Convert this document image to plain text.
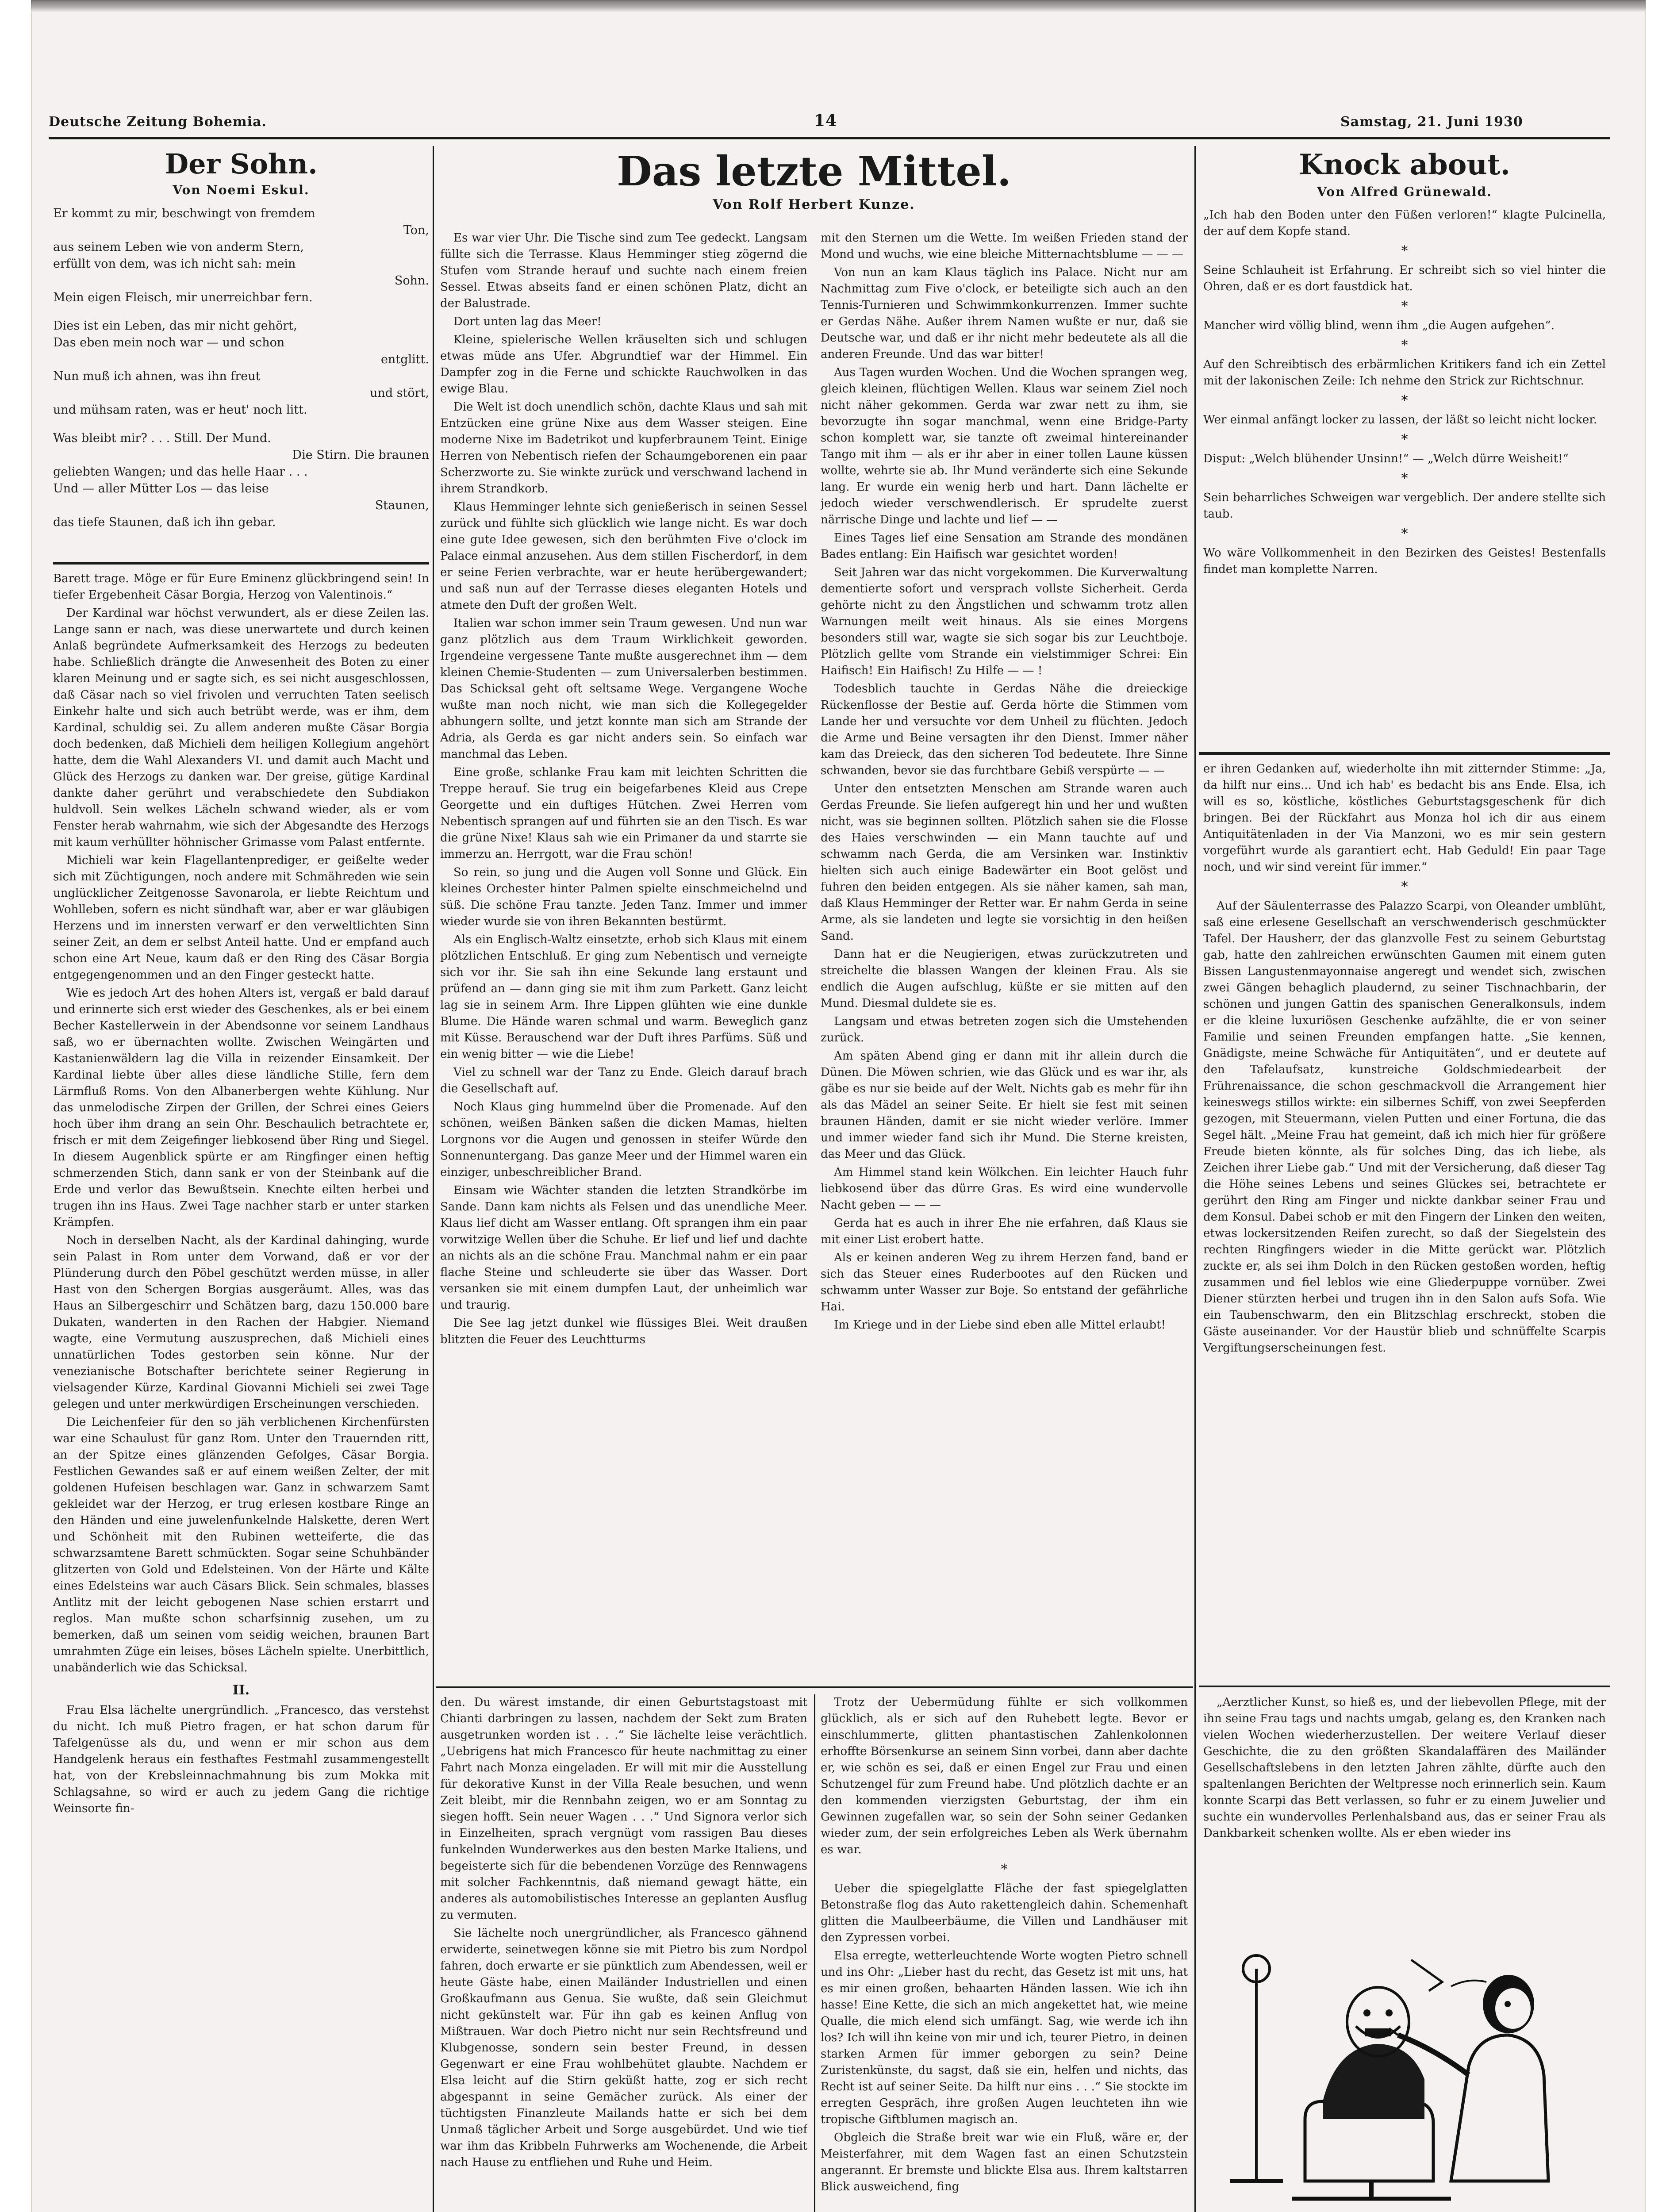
Deutsche Zeitung Bohemia.	14	Samstag, 21. Juni 1930
Der Sohn.
Von Noemi Eskul.

Er kommt zu mir, beschwingt von fremdem

Ton,

aus seinem Leben wie von anderm Stern,

erfüllt von dem, was ich nicht sah: mein

Sohn.

Mein eigen Fleisch, mir unerreichbar fern.

Dies ist ein Leben, das mir nicht gehört,

Das eben mein noch war — und schon

entglitt.

Nun muß ich ahnen, was ihn freut

und stört,

und mühsam raten, was er heut' noch litt.

Was bleibt mir? . . . Still. Der Mund.

Die Stirn. Die braunen

geliebten Wangen; und das helle Haar . . .

Und — aller Mütter Los — das leise

Staunen,

das tiefe Staunen, daß ich ihn gebar.

Barett trage. Möge er für Eure Eminenz glückbringend sein! In tiefer Ergebenheit Cäsar Borgia, Herzog von Valentinois.“

Der Kardinal war höchst verwundert, als er diese Zeilen las. Lange sann er nach, was diese unerwartete und durch keinen Anlaß begründete Aufmerksamkeit des Herzogs zu bedeuten habe. Schließlich drängte die Anwesenheit des Boten zu einer klaren Meinung und er sagte sich, es sei nicht ausgeschlossen, daß Cäsar nach so viel frivolen und verruchten Taten seelisch Einkehr halte und sich auch betrübt werde, was er ihm, dem Kardinal, schuldig sei. Zu allem anderen mußte Cäsar Borgia doch bedenken, daß Michieli dem heiligen Kollegium angehört hatte, dem die Wahl Alexanders VI. und damit auch Macht und Glück des Herzogs zu danken war. Der greise, gütige Kardinal dankte daher gerührt und verabschiedete den Subdiakon huldvoll. Sein welkes Lächeln schwand wieder, als er vom Fenster herab wahrnahm, wie sich der Abgesandte des Herzogs mit kaum verhüllter höhnischer Grimasse vom Palast entfernte.

Michieli war kein Flagellantenprediger, er geißelte weder sich mit Züchtigungen, noch andere mit Schmähreden wie sein unglücklicher Zeitgenosse Savonarola, er liebte Reichtum und Wohlleben, sofern es nicht sündhaft war, aber er war gläubigen Herzens und im innersten verwarf er den verweltlichten Sinn seiner Zeit, an dem er selbst Anteil hatte. Und er empfand auch schon eine Art Neue, kaum daß er den Ring des Cäsar Borgia entgegengenommen und an den Finger gesteckt hatte.

Wie es jedoch Art des hohen Alters ist, vergaß er bald darauf und erinnerte sich erst wieder des Geschenkes, als er bei einem Becher Kastellerwein in der Abendsonne vor seinem Landhaus saß, wo er übernachten wollte. Zwischen Weingärten und Kastanienwäldern lag die Villa in reizender Einsamkeit. Der Kardinal liebte über alles diese ländliche Stille, fern dem Lärmfluß Roms. Von den Albanerbergen wehte Kühlung. Nur das unmelodische Zirpen der Grillen, der Schrei eines Geiers hoch über ihm drang an sein Ohr. Beschaulich betrachtete er, frisch er mit dem Zeigefinger liebkosend über Ring und Siegel. In diesem Augenblick spürte er am Ringfinger einen heftig schmerzenden Stich, dann sank er von der Steinbank auf die Erde und verlor das Bewußtsein. Knechte eilten herbei und trugen ihn ins Haus. Zwei Tage nachher starb er unter starken Krämpfen.

Noch in derselben Nacht, als der Kardinal dahinging, wurde sein Palast in Rom unter dem Vorwand, daß er vor der Plünderung durch den Pöbel geschützt werden müsse, in aller Hast von den Schergen Borgias ausgeräumt. Alles, was das Haus an Silbergeschirr und Schätzen barg, dazu 150.000 bare Dukaten, wanderten in den Rachen der Habgier. Niemand wagte, eine Vermutung auszusprechen, daß Michieli eines unnatürlichen Todes gestorben sein könne. Nur der venezianische Botschafter berichtete seiner Regierung in vielsagender Kürze, Kardinal Giovanni Michieli sei zwei Tage gelegen und unter merkwürdigen Erscheinungen verschieden.

Die Leichenfeier für den so jäh verblichenen Kirchenfürsten war eine Schaulust für ganz Rom. Unter den Trauernden ritt, an der Spitze eines glänzenden Gefolges, Cäsar Borgia. Festlichen Gewandes saß er auf einem weißen Zelter, der mit goldenen Hufeisen beschlagen war. Ganz in schwarzem Samt gekleidet war der Herzog, er trug erlesen kostbare Ringe an den Händen und eine juwelenfunkelnde Halskette, deren Wert und Schönheit mit den Rubinen wetteiferte, die das schwarzsamtene Barett schmückten. Sogar seine Schuhbänder glitzerten von Gold und Edelsteinen. Von der Härte und Kälte eines Edelsteins war auch Cäsars Blick. Sein schmales, blasses Antlitz mit der leicht gebogenen Nase schien erstarrt und reglos. Man mußte schon scharfsinnig zusehen, um zu bemerken, daß um seinen vom seidig weichen, braunen Bart umrahmten Züge ein leises, böses Lächeln spielte. Unerbittlich, unabänderlich wie das Schicksal.

II.

Frau Elsa lächelte unergründlich. „Francesco, das verstehst du nicht. Ich muß Pietro fragen, er hat schon darum für Tafelgenüsse als du, und wenn er mir schon aus dem Handgelenk heraus ein festhaftes Festmahl zusammengestellt hat, von der Krebsleinnachmahnung bis zum Mokka mit Schlagsahne, so wird er auch zu jedem Gang die richtige Weinsorte fin-

Das letzte Mittel.
Von Rolf Herbert Kunze.

Es war vier Uhr. Die Tische sind zum Tee gedeckt. Langsam füllte sich die Terrasse. Klaus Hemminger stieg zögernd die Stufen vom Strande herauf und suchte nach einem freien Sessel. Etwas abseits fand er einen schönen Platz, dicht an der Balustrade.

Dort unten lag das Meer!

Kleine, spielerische Wellen kräuselten sich und schlugen etwas müde ans Ufer. Abgrundtief war der Himmel. Ein Dampfer zog in die Ferne und schickte Rauchwolken in das ewige Blau.

Die Welt ist doch unendlich schön, dachte Klaus und sah mit Entzücken eine grüne Nixe aus dem Wasser steigen. Eine moderne Nixe im Badetrikot und kupferbraunem Teint. Einige Herren von Nebentisch riefen der Schaumgeborenen ein paar Scherzworte zu. Sie winkte zurück und verschwand lachend in ihrem Strandkorb.

Klaus Hemminger lehnte sich genießerisch in seinen Sessel zurück und fühlte sich glücklich wie lange nicht. Es war doch eine gute Idee gewesen, sich den berühmten Five o'clock im Palace einmal anzusehen. Aus dem stillen Fischerdorf, in dem er seine Ferien verbrachte, war er heute herübergewandert; und saß nun auf der Terrasse dieses eleganten Hotels und atmete den Duft der großen Welt.

Italien war schon immer sein Traum gewesen. Und nun war ganz plötzlich aus dem Traum Wirklichkeit geworden. Irgendeine vergessene Tante mußte ausgerechnet ihm — dem kleinen Chemie-Studenten — zum Universalerben bestimmen. Das Schicksal geht oft seltsame Wege. Vergangene Woche wußte man noch nicht, wie man sich die Kollegegelder abhungern sollte, und jetzt konnte man sich am Strande der Adria, als Gerda es gar nicht anders sein. So einfach war manchmal das Leben.

Eine große, schlanke Frau kam mit leichten Schritten die Treppe herauf. Sie trug ein beigefarbenes Kleid aus Crepe Georgette und ein duftiges Hütchen. Zwei Herren vom Nebentisch sprangen auf und führten sie an den Tisch. Es war die grüne Nixe! Klaus sah wie ein Primaner da und starrte sie immerzu an. Herrgott, war die Frau schön!

So rein, so jung und die Augen voll Sonne und Glück. Ein kleines Orchester hinter Palmen spielte einschmeichelnd und süß. Die schöne Frau tanzte. Jeden Tanz. Immer und immer wieder wurde sie von ihren Bekannten bestürmt.

Als ein Englisch-Waltz einsetzte, erhob sich Klaus mit einem plötzlichen Entschluß. Er ging zum Nebentisch und verneigte sich vor ihr. Sie sah ihn eine Sekunde lang erstaunt und prüfend an — dann ging sie mit ihm zum Parkett. Ganz leicht lag sie in seinem Arm. Ihre Lippen glühten wie eine dunkle Blume. Die Hände waren schmal und warm. Beweglich ganz mit Küsse. Berauschend war der Duft ihres Parfüms. Süß und ein wenig bitter — wie die Liebe!

Viel zu schnell war der Tanz zu Ende. Gleich darauf brach die Gesellschaft auf.

Noch Klaus ging hummelnd über die Promenade. Auf den schönen, weißen Bänken saßen die dicken Mamas, hielten Lorgnons vor die Augen und genossen in steifer Würde den Sonnenuntergang. Das ganze Meer und der Himmel waren ein einziger, unbeschreiblicher Brand.

Einsam wie Wächter standen die letzten Strandkörbe im Sande. Dann kam nichts als Felsen und das unendliche Meer. Klaus lief dicht am Wasser entlang. Oft sprangen ihm ein paar vorwitzige Wellen über die Schuhe. Er lief und lief und dachte an nichts als an die schöne Frau. Manchmal nahm er ein paar flache Steine und schleuderte sie über das Wasser. Dort versanken sie mit einem dumpfen Laut, der unheimlich war und traurig.

Die See lag jetzt dunkel wie flüssiges Blei. Weit draußen blitzten die Feuer des Leuchtturms

mit den Sternen um die Wette. Im weißen Frieden stand der Mond und wuchs, wie eine bleiche Mitternachtsblume — — —

Von nun an kam Klaus täglich ins Palace. Nicht nur am Nachmittag zum Five o'clock, er beteiligte sich auch an den Tennis-Turnieren und Schwimmkonkurrenzen. Immer suchte er Gerdas Nähe. Außer ihrem Namen wußte er nur, daß sie Deutsche war, und daß er ihr nicht mehr bedeutete als all die anderen Freunde. Und das war bitter!

Aus Tagen wurden Wochen. Und die Wochen sprangen weg, gleich kleinen, flüchtigen Wellen. Klaus war seinem Ziel noch nicht näher gekommen. Gerda war zwar nett zu ihm, sie bevorzugte ihn sogar manchmal, wenn eine Bridge-Party schon komplett war, sie tanzte oft zweimal hintereinander Tango mit ihm — als er ihr aber in einer tollen Laune küssen wollte, wehrte sie ab. Ihr Mund veränderte sich eine Sekunde lang. Er wurde ein wenig herb und hart. Dann lächelte er jedoch wieder verschwendlerisch. Er sprudelte zuerst närrische Dinge und lachte und lief — —

Eines Tages lief eine Sensation am Strande des mondänen Bades entlang: Ein Haifisch war gesichtet worden!

Seit Jahren war das nicht vorgekommen. Die Kurverwaltung dementierte sofort und versprach vollste Sicherheit. Gerda gehörte nicht zu den Ängstlichen und schwamm trotz allen Warnungen meilt weit hinaus. Als sie eines Morgens besonders still war, wagte sie sich sogar bis zur Leuchtboje. Plötzlich gellte vom Strande ein vielstimmiger Schrei: Ein Haifisch! Ein Haifisch! Zu Hilfe — — !

Todesblich tauchte in Gerdas Nähe die dreieckige Rückenflosse der Bestie auf. Gerda hörte die Stimmen vom Lande her und versuchte vor dem Unheil zu flüchten. Jedoch die Arme und Beine versagten ihr den Dienst. Immer näher kam das Dreieck, das den sicheren Tod bedeutete. Ihre Sinne schwanden, bevor sie das furchtbare Gebiß verspürte — —

Unter den entsetzten Menschen am Strande waren auch Gerdas Freunde. Sie liefen aufgeregt hin und her und wußten nicht, was sie beginnen sollten. Plötzlich sahen sie die Flosse des Haies verschwinden — ein Mann tauchte auf und schwamm nach Gerda, die am Versinken war. Instinktiv hielten sich auch einige Badewärter ein Boot gelöst und fuhren den beiden entgegen. Als sie näher kamen, sah man, daß Klaus Hemminger der Retter war. Er nahm Gerda in seine Arme, als sie landeten und legte sie vorsichtig in den heißen Sand.

Dann hat er die Neugierigen, etwas zurückzutreten und streichelte die blassen Wangen der kleinen Frau. Als sie endlich die Augen aufschlug, küßte er sie mitten auf den Mund. Diesmal duldete sie es.

Langsam und etwas betreten zogen sich die Umstehenden zurück.

Am späten Abend ging er dann mit ihr allein durch die Dünen. Die Möwen schrien, wie das Glück und es war ihr, als gäbe es nur sie beide auf der Welt. Nichts gab es mehr für ihn als das Mädel an seiner Seite. Er hielt sie fest mit seinen braunen Händen, damit er sie nicht wieder verlöre. Immer und immer wieder fand sich ihr Mund. Die Sterne kreisten, das Meer und das Glück.

Am Himmel stand kein Wölkchen. Ein leichter Hauch fuhr liebkosend über das dürre Gras. Es wird eine wundervolle Nacht geben — — —

Gerda hat es auch in ihrer Ehe nie erfahren, daß Klaus sie mit einer List erobert hatte.

Als er keinen anderen Weg zu ihrem Herzen fand, band er sich das Steuer eines Ruderbootes auf den Rücken und schwamm unter Wasser zur Boje. So entstand der gefährliche Hai.

Im Kriege und in der Liebe sind eben alle Mittel erlaubt!

den. Du wärest imstande, dir einen Geburtstagstoast mit Chianti darbringen zu lassen, nachdem der Sekt zum Braten ausgetrunken worden ist . . .“ Sie lächelte leise verächtlich. „Uebrigens hat mich Francesco für heute nachmittag zu einer Fahrt nach Monza eingeladen. Er will mit mir die Ausstellung für dekorative Kunst in der Villa Reale besuchen, und wenn Zeit bleibt, mir die Rennbahn zeigen, wo er am Sonntag zu siegen hofft. Sein neuer Wagen . . .“ Und Signora verlor sich in Einzelheiten, sprach vergnügt vom rassigen Bau dieses funkelnden Wunderwerkes aus den besten Marke Italiens, und begeisterte sich für die bebendenen Vorzüge des Rennwagens mit solcher Fachkenntnis, daß niemand gewagt hätte, ein anderes als automobilistisches Interesse an geplanten Ausflug zu vermuten.

Sie lächelte noch unergründlicher, als Francesco gähnend erwiderte, seinetwegen könne sie mit Pietro bis zum Nordpol fahren, doch erwarte er sie pünktlich zum Abendessen, weil er heute Gäste habe, einen Mailänder Industriellen und einen Großkaufmann aus Genua. Sie wußte, daß sein Gleichmut nicht gekünstelt war. Für ihn gab es keinen Anflug von Mißtrauen. War doch Pietro nicht nur sein Rechtsfreund und Klubgenosse, sondern sein bester Freund, in dessen Gegenwart er eine Frau wohlbehütet glaubte. Nachdem er Elsa leicht auf die Stirn geküßt hatte, zog er sich recht abgespannt in seine Gemächer zurück. Als einer der tüchtigsten Finanzleute Mailands hatte er sich bei dem Unmaß täglicher Arbeit und Sorge ausgebürdet. Und wie tief war ihm das Kribbeln Fuhrwerks am Wochenende, die Arbeit nach Hause zu entfliehen und Ruhe und Heim.

Trotz der Uebermüdung fühlte er sich vollkommen glücklich, als er sich auf den Ruhebett legte. Bevor er einschlummerte, glitten phantastischen Zahlenkolonnen erhoffte Börsenkurse an seinem Sinn vorbei, dann aber dachte er, wie schön es sei, daß er einen Engel zur Frau und einen Schutzengel für zum Freund habe. Und plötzlich dachte er an den kommenden vierzigsten Geburtstag, der ihm ein Gewinnen zugefallen war, so sein der Sohn seiner Gedanken wieder zum, der sein erfolgreiches Leben als Werk übernahm es war.

*

Ueber die spiegelglatte Fläche der fast spiegelglatten Betonstraße flog das Auto rakettengleich dahin. Schemenhaft glitten die Maulbeerbäume, die Villen und Landhäuser mit den Zypressen vorbei.

Elsa erregte, wetterleuchtende Worte wogten Pietro schnell und ins Ohr: „Lieber hast du recht, das Gesetz ist mit uns, hat es mir einen großen, behaarten Händen lassen. Wie ich ihn hasse! Eine Kette, die sich an mich angekettet hat, wie meine Qualle, die mich elend sich umfängt. Sag, wie werde ich ihn los? Ich will ihn keine von mir und ich, teurer Pietro, in deinen starken Armen für immer geborgen zu sein? Deine Zuristenkünste, du sagst, daß sie ein, helfen und nichts, das Recht ist auf seiner Seite. Da hilft nur eins . . .“ Sie stockte im erregten Gespräch, ihre großen Augen leuchteten ihn wie tropische Giftblumen magisch an.

Obgleich die Straße breit war wie ein Fluß, wäre er, der Meisterfahrer, mit dem Wagen fast an einen Schutzstein angerannt. Er bremste und blickte Elsa aus. Ihrem kaltstarren Blick ausweichend, fing

Knock about.
Von Alfred Grünewald.

„Ich hab den Boden unter den Füßen verloren!“ klagte Pulcinella, der auf dem Kopfe stand.

*

Seine Schlauheit ist Erfahrung. Er schreibt sich so viel hinter die Ohren, daß er es dort faustdick hat.

*

Mancher wird völlig blind, wenn ihm „die Augen aufgehen“.

*

Auf den Schreibtisch des erbärmlichen Kritikers fand ich ein Zettel mit der lakonischen Zeile: Ich nehme den Strick zur Richtschnur.

*

Wer einmal anfängt locker zu lassen, der läßt so leicht nicht locker.

*

Disput: „Welch blühender Unsinn!“ — „Welch dürre Weisheit!“

*

Sein beharrliches Schweigen war vergeblich. Der andere stellte sich taub.

*

Wo wäre Vollkommenheit in den Bezirken des Geistes! Bestenfalls findet man komplette Narren.

er ihren Gedanken auf, wiederholte ihn mit zitternder Stimme: „Ja, da hilft nur eins... Und ich hab' es bedacht bis ans Ende. Elsa, ich will es so, köstliche, köstliches Geburtstagsgeschenk für dich bringen. Bei der Rückfahrt aus Monza hol ich dir aus einem Antiquitätenladen in der Via Manzoni, wo es mir sein gestern vorgeführt wurde als garantiert echt. Hab Geduld! Ein paar Tage noch, und wir sind vereint für immer.“

*

Auf der Säulenterrasse des Palazzo Scarpi, von Oleander umblüht, saß eine erlesene Gesellschaft an verschwenderisch geschmückter Tafel. Der Hausherr, der das glanzvolle Fest zu seinem Geburtstag gab, hatte den zahlreichen erwünschten Gaumen mit einem guten Bissen Langustenmayonnaise angeregt und wendet sich, zwischen zwei Gängen behaglich plaudernd, zu seiner Tischnachbarin, der schönen und jungen Gattin des spanischen Generalkonsuls, indem er die kleine luxuriösen Geschenke aufzählte, die er von seiner Familie und seinen Freunden empfangen hatte. „Sie kennen, Gnädigste, meine Schwäche für Antiquitäten“, und er deutete auf den Tafelaufsatz, kunstreiche Goldschmiedearbeit der Frührenaissance, die schon geschmackvoll die Arrangement hier keineswegs stillos wirkte: ein silbernes Schiff, von zwei Seepferden gezogen, mit Steuermann, vielen Putten und einer Fortuna, die das Segel hält. „Meine Frau hat gemeint, daß ich mich hier für größere Freude bieten könnte, als für solches Ding, das ich liebe, als Zeichen ihrer Liebe gab.“ Und mit der Versicherung, daß dieser Tag die Höhe seines Lebens und seines Glückes sei, betrachtete er gerührt den Ring am Finger und nickte dankbar seiner Frau und dem Konsul. Dabei schob er mit den Fingern der Linken den weiten, etwas lockersitzenden Reifen zurecht, so daß der Siegelstein des rechten Ringfingers wieder in die Mitte gerückt war. Plötzlich zuckte er, als sei ihm Dolch in den Rücken gestoßen worden, heftig zusammen und fiel leblos wie eine Gliederpuppe vornüber. Zwei Diener stürzten herbei und trugen ihn in den Salon aufs Sofa. Wie ein Taubenschwarm, den ein Blitzschlag erschreckt, stoben die Gäste auseinander. Vor der Haustür blieb und schnüffelte Scarpis Vergiftungserscheinungen fest.

„Aerztlicher Kunst, so hieß es, und der liebevollen Pflege, mit der ihn seine Frau tags und nachts umgab, gelang es, den Kranken nach vielen Wochen wiederherzustellen. Der weitere Verlauf dieser Geschichte, die zu den größten Skandalaffären des Mailänder Gesellschaftslebens in den letzten Jahren zählte, dürfte auch den spaltenlangen Berichten der Weltpresse noch erinnerlich sein. Kaum konnte Scarpi das Bett verlassen, so fuhr er zu einem Juwelier und suchte ein wundervolles Perlenhalsband aus, das er seiner Frau als Dankbarkeit schenken wollte. Als er eben wieder ins
